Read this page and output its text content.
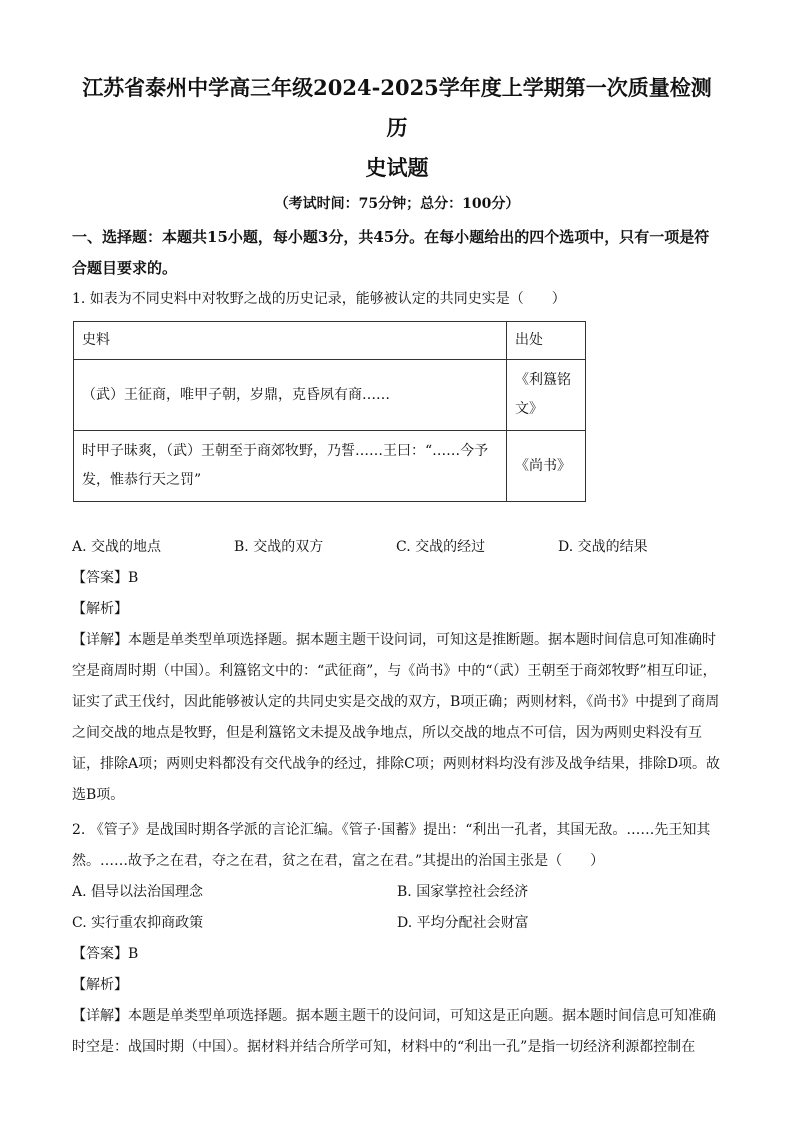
江苏省泰州中学高三年级2024-2025学年度上学期第一次质量检测历

史试题

（考试时间：75分钟；总分：100分）
一、选择题：本题共15小题，每小题3分，共45分。在每小题给出的四个选项中，只有一项是符合题目要求的。

1. 如表为不同史料中对牧野之战的历史记录，能够被认定的共同史实是（　　）

史料	出处
（武）王征商，唯甲子朝，岁鼎，克昏夙有商……	《利簋铭文》
时甲子昧爽，（武）王朝至于商郊牧野，乃誓……王曰：“……今予发，惟恭行天之罚”	《尚书》
A. 交战的地点	B. 交战的双方	C. 交战的经过	D. 交战的结果
【答案】B
【解析】

【详解】本题是单类型单项选择题。据本题主题干设问词，可知这是推断题。据本题时间信息可知准确时空是商周时期（中国）。利簋铭文中的：“武征商”，与《尚书》中的“（武）王朝至于商郊牧野”相互印证，证实了武王伐纣，因此能够被认定的共同史实是交战的双方，B项正确；两则材料，《尚书》中提到了商周之间交战的地点是牧野，但是利簋铭文未提及战争地点，所以交战的地点不可信，因为两则史料没有互证，排除A项；两则史料都没有交代战争的经过，排除C项；两则材料均没有涉及战争结果，排除D项。故选B项。

2. 《管子》是战国时期各学派的言论汇编。《管子·国蓄》提出：“利出一孔者，其国无敌。……先王知其然。……故予之在君，夺之在君，贫之在君，富之在君。”其提出的治国主张是（　　）

A. 倡导以法治国理念	B. 国家掌控社会经济
C. 实行重农抑商政策	D. 平均分配社会财富
【答案】B
【解析】

【详解】本题是单类型单项选择题。据本题主题干的设问词，可知这是正向题。据本题时间信息可知准确时空是：战国时期（中国）。据材料并结合所学可知，材料中的“利出一孔”是指一切经济利源都控制在
